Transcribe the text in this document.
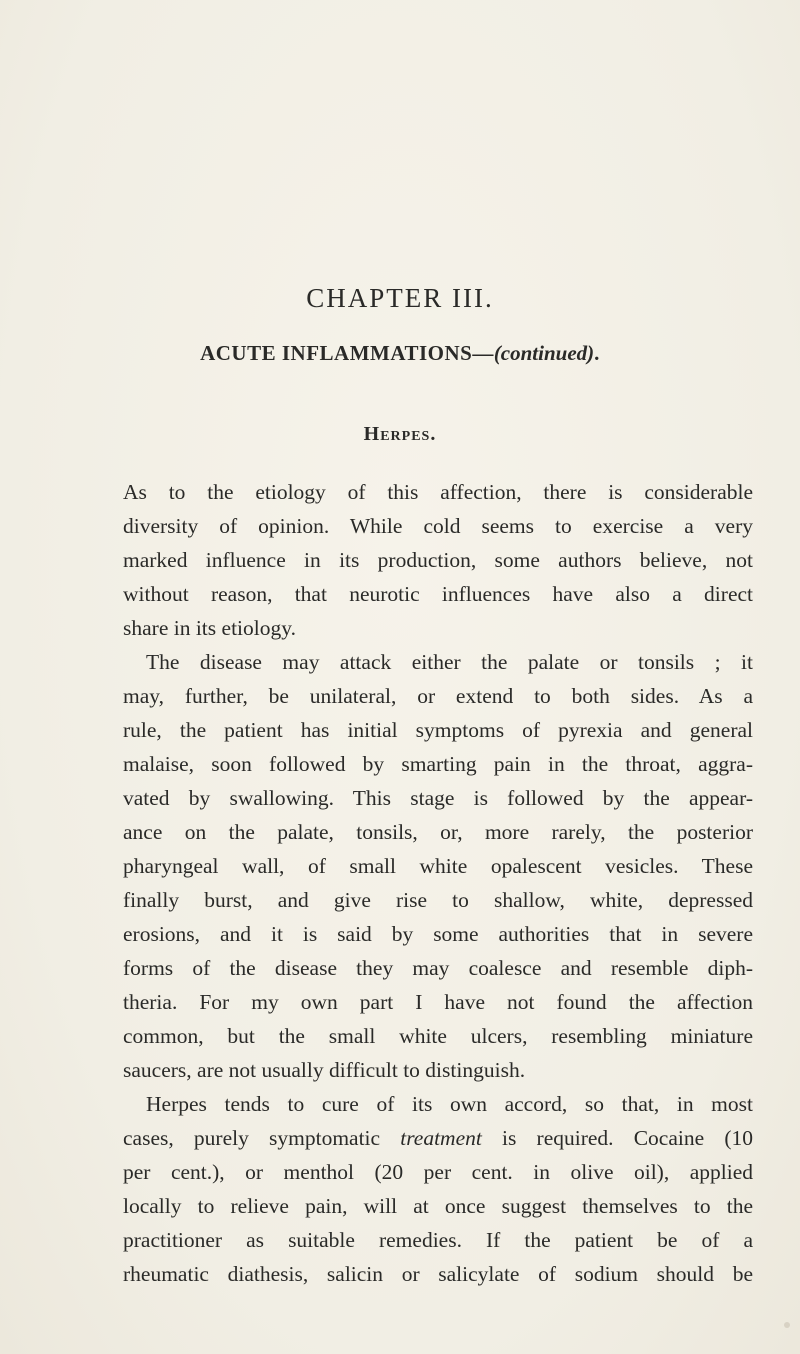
CHAPTER III.
ACUTE INFLAMMATIONS—(continued).
Herpes.
As to the etiology of this affection, there is considerable
diversity of opinion. While cold seems to exercise a very
marked influence in its production, some authors believe, not
without reason, that neurotic influences have also a direct
share in its etiology.
The disease may attack either the palate or tonsils ; it
may, further, be unilateral, or extend to both sides. As a
rule, the patient has initial symptoms of pyrexia and general
malaise, soon followed by smarting pain in the throat, aggra-
vated by swallowing. This stage is followed by the appear-
ance on the palate, tonsils, or, more rarely, the posterior
pharyngeal wall, of small white opalescent vesicles. These
finally burst, and give rise to shallow, white, depressed
erosions, and it is said by some authorities that in severe
forms of the disease they may coalesce and resemble diph-
theria. For my own part I have not found the affection
common, but the small white ulcers, resembling miniature
saucers, are not usually difficult to distinguish.
Herpes tends to cure of its own accord, so that, in most
cases, purely symptomatic treatment is required. Cocaine (10
per cent.), or menthol (20 per cent. in olive oil), applied
locally to relieve pain, will at once suggest themselves to the
practitioner as suitable remedies. If the patient be of a
rheumatic diathesis, salicin or salicylate of sodium should be
